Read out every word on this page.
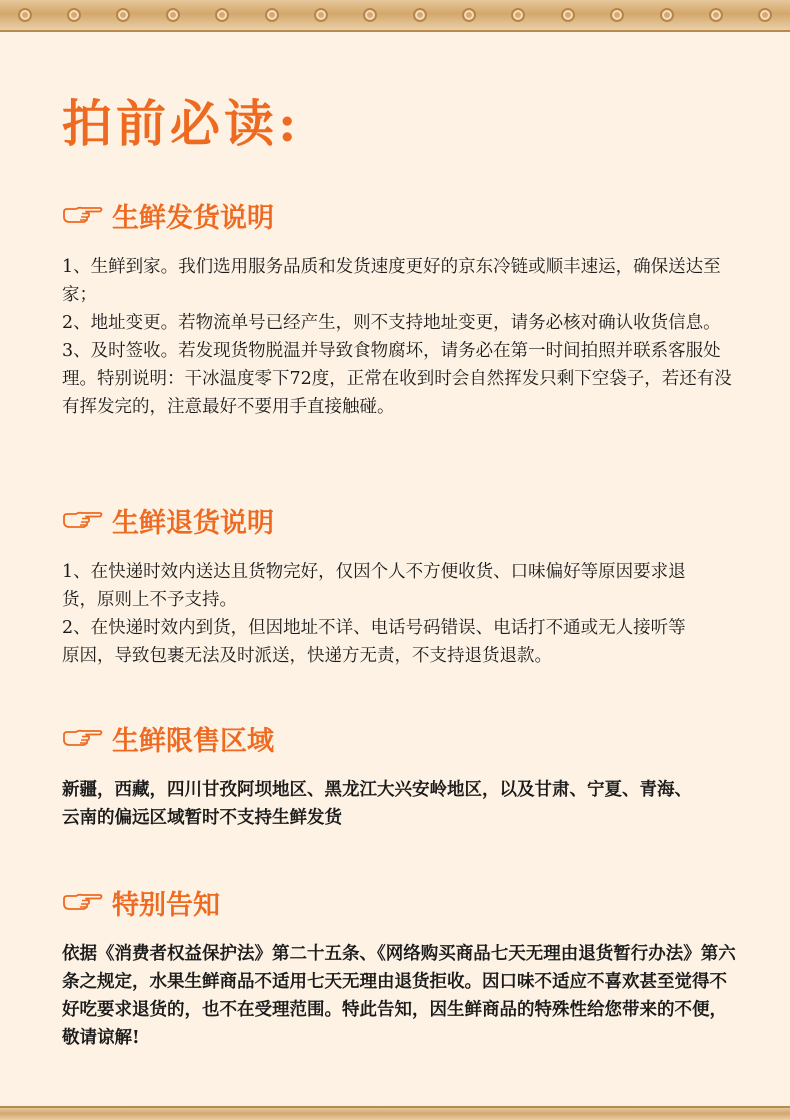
拍前必读:
生鲜发货说明

1、生鲜到家。我们选用服务品质和发货速度更好的京东冷链或顺丰速运，确保送达至家；

2、地址变更。若物流单号已经产生，则不支持地址变更，请务必核对确认收货信息。

3、及时签收。若发现货物脱温并导致食物腐坏，请务必在第一时间拍照并联系客服处理。特别说明：干冰温度零下72度，正常在收到时会自然挥发只剩下空袋子，若还有没有挥发完的，注意最好不要用手直接触碰。

生鲜退货说明

1、在快递时效内送达且货物完好，仅因个人不方便收货、口味偏好等原因要求退货，原则上不予支持。

2、在快递时效内到货，但因地址不详、电话号码错误、电话打不通或无人接听等原因，导致包裹无法及时派送，快递方无责，不支持退货退款。

生鲜限售区域

新疆，西藏，四川甘孜阿坝地区、黑龙江大兴安岭地区，以及甘肃、宁夏、青海、云南的偏远区域暂时不支持生鲜发货

特别告知

依据《消费者权益保护法》第二十五条、《网络购买商品七天无理由退货暂行办法》第六条之规定，水果生鲜商品不适用七天无理由退货拒收。因口味不适应不喜欢甚至觉得不好吃要求退货的，也不在受理范围。特此告知，因生鲜商品的特殊性给您带来的不便，敬请谅解!
